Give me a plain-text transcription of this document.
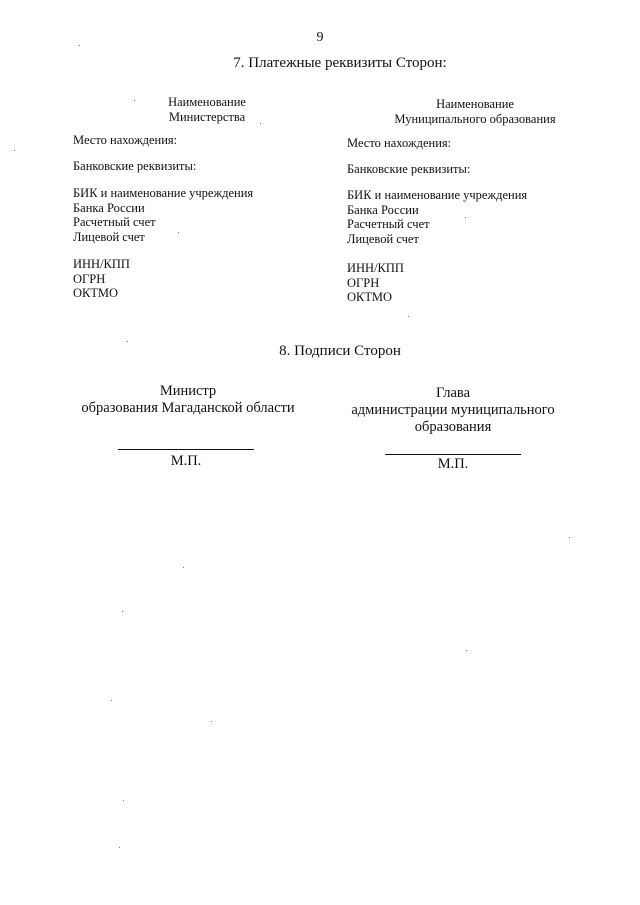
9
7. Платежные реквизиты Сторон:
Наименование
Министерства
Наименование
Муниципального образования
Место нахождения:
Банковские реквизиты:
БИК и наименование учреждения
Банка России
Расчетный счет
Лицевой счет
ИНН/КПП
ОГРН
ОКТМО
Место нахождения:
Банковские реквизиты:
БИК и наименование учреждения
Банка России
Расчетный счет
Лицевой счет
ИНН/КПП
ОГРН
ОКТМО
8. Подписи Сторон
Министр
образования Магаданской области
М.П.
Глава
администрации муниципального
образования
М.П.
